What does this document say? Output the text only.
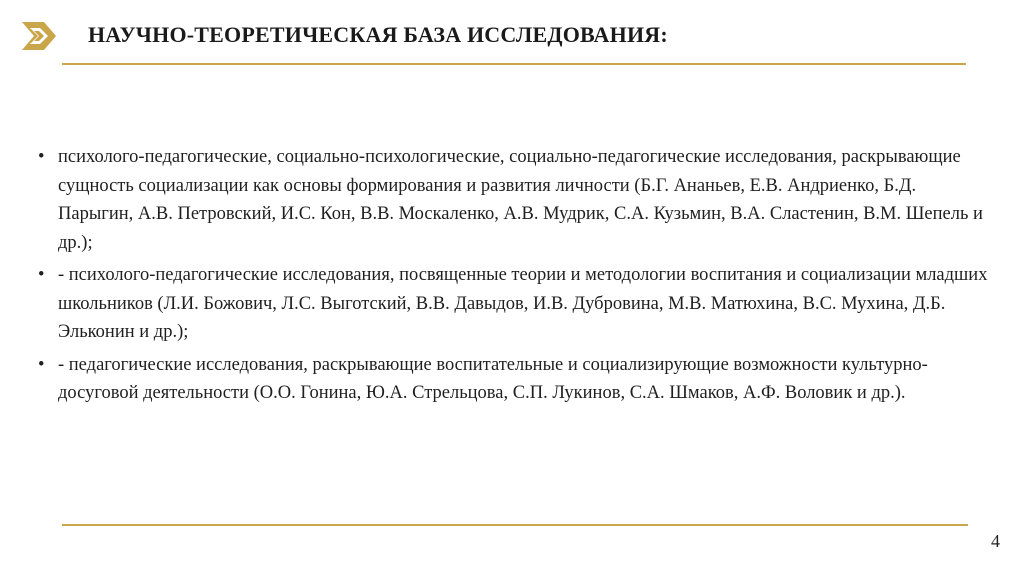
НАУЧНО-ТЕОРЕТИЧЕСКАЯ БАЗА ИССЛЕДОВАНИЯ:
• психолого-педагогические, социально-психологические, социально-педагогические исследования, раскрывающие сущность социализации как основы формирования и развития личности (Б.Г. Ананьев, Е.В. Андриенко, Б.Д. Парыгин, А.В. Петровский, И.С. Кон, В.В. Москаленко, А.В. Мудрик, С.А. Кузьмин, В.А. Сластенин, В.М. Шепель и др.);
• - психолого-педагогические исследования, посвященные теории и методологии воспитания и социализации младших школьников (Л.И. Божович, Л.С. Выготский, В.В. Давыдов, И.В. Дубровина, М.В. Матюхина, В.С. Мухина, Д.Б. Эльконин и др.);
• - педагогические исследования, раскрывающие воспитательные и социализирующие возможности культурно-досуговой деятельности (О.О. Гонина, Ю.А. Стрельцова, С.П. Лукинов, С.А. Шмаков, А.Ф. Воловик и др.).
4
